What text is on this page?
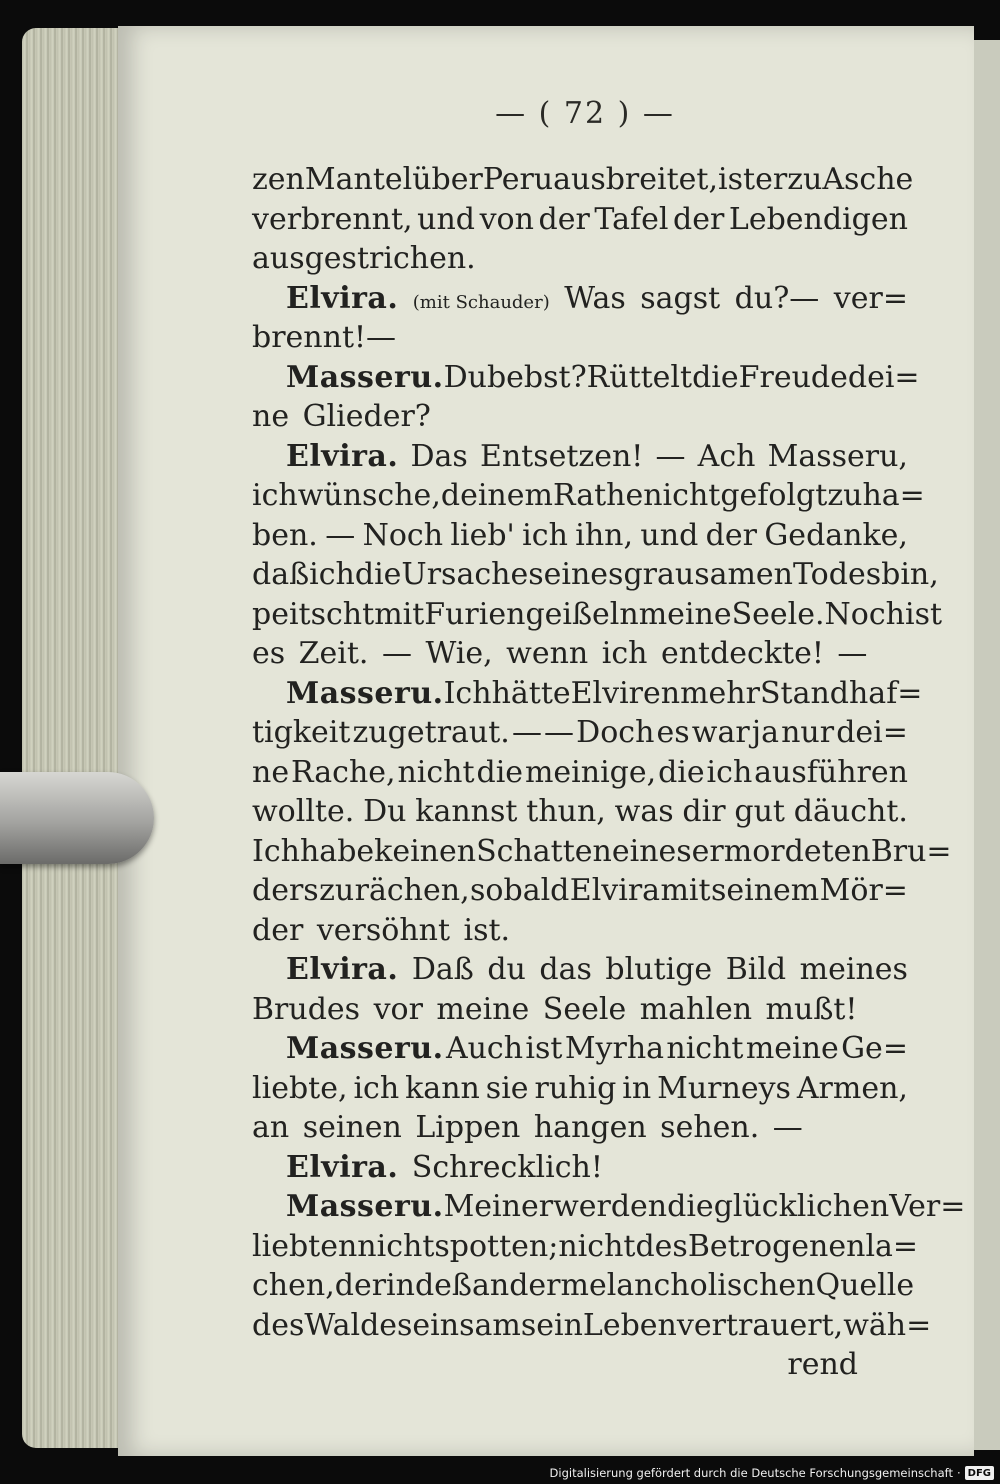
— ( 72 ) —
zen Mantel über Peru ausbreitet, ist er zu Asche
verbrennt, und von der Tafel der Lebendigen
ausgestrichen.
Elvira. (mit Schauder) Was sagst du?— ver=
brennt!—
Masseru. Du bebst? Rüttelt die Freude dei=
ne Glieder?
Elvira. Das Entsetzen! — Ach Masseru,
ich wünsche, deinem Rathe nicht gefolgt zu ha=
ben. — Noch lieb' ich ihn, und der Gedanke,
daß ich die Ursache seines grausamen Todes bin,
peitscht mit Furiengeißeln meine Seele. Noch ist
es Zeit. — Wie, wenn ich entdeckte! —
Masseru. Ich hätte Elviren mehr Standhaf=
tigkeit zugetraut. — — Doch es war ja nur dei=
ne Rache, nicht die meinige, die ich ausführen
wollte. Du kannst thun, was dir gut däucht.
Ich habe keinen Schatten eines ermordeten Bru=
ders zu rächen, sobald Elvira mit seinem Mör=
der versöhnt ist.
Elvira. Daß du das blutige Bild meines
Brudes vor meine Seele mahlen mußt!
Masseru. Auch ist Myrha nicht meine Ge=
liebte, ich kann sie ruhig in Murneys Armen,
an seinen Lippen hangen sehen. —
Elvira. Schrecklich!
Masseru. Meiner werden die glücklichen Ver=
liebten nicht spotten; nicht des Betrogenen la=
chen, der indeß an der melancholischen Quelle
des Waldes einsam sein Leben vertrauert, wäh=
rend
Digitalisierung gefördert durch die Deutsche Forschungsgemeinschaft · DFG
